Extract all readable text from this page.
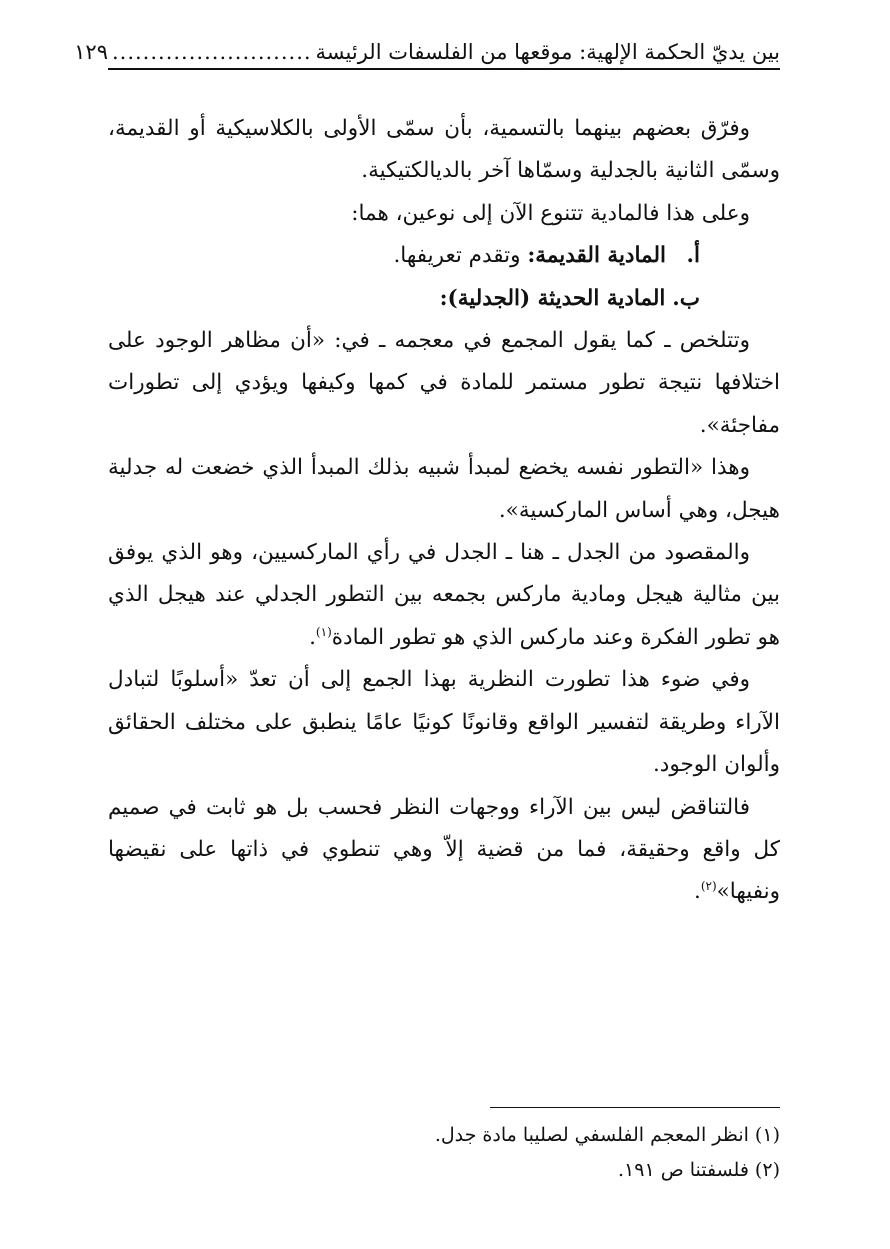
بين يديّ الحكمة الإلهية: موقعها من الفلسفات الرئيسة
..........................
١٢٩

وفرّق بعضهم بينهما بالتسمية، بأن سمّى الأولى بالكلاسيكية أو القديمة، وسمّى الثانية بالجدلية وسمّاها آخر بالديالكتيكية.

وعلى هذا فالمادية تتنوع الآن إلى نوعين، هما:

أ.   المادية القديمة: وتقدم تعريفها.

ب. المادية الحديثة (الجدلية):

وتتلخص ـ كما يقول المجمع في معجمه ـ في: «أن مظاهر الوجود على اختلافها نتيجة تطور مستمر للمادة في كمها وكيفها ويؤدي إلى تطورات مفاجئة».

وهذا «التطور نفسه يخضع لمبدأ شبيه بذلك المبدأ الذي خضعت له جدلية هيجل، وهي أساس الماركسية».

والمقصود من الجدل ـ هنا ـ الجدل في رأي الماركسيين، وهو الذي يوفق بين مثالية هيجل ومادية ماركس بجمعه بين التطور الجدلي عند هيجل الذي هو تطور الفكرة وعند ماركس الذي هو تطور المادة$^{(١)}$.

وفي ضوء هذا تطورت النظرية بهذا الجمع إلى أن تعدّ «أسلوبًا لتبادل الآراء وطريقة لتفسير الواقع وقانونًا كونيًا عامًا ينطبق على مختلف الحقائق وألوان الوجود.

فالتناقض ليس بين الآراء ووجهات النظر فحسب بل هو ثابت في صميم كل واقع وحقيقة، فما من قضية إلاّ وهي تنطوي في ذاتها على نقيضها ونفيها»$^{(٢)}$.

(١) انظر المعجم الفلسفي لصليبا مادة جدل.

(٢) فلسفتنا ص ١٩١.
